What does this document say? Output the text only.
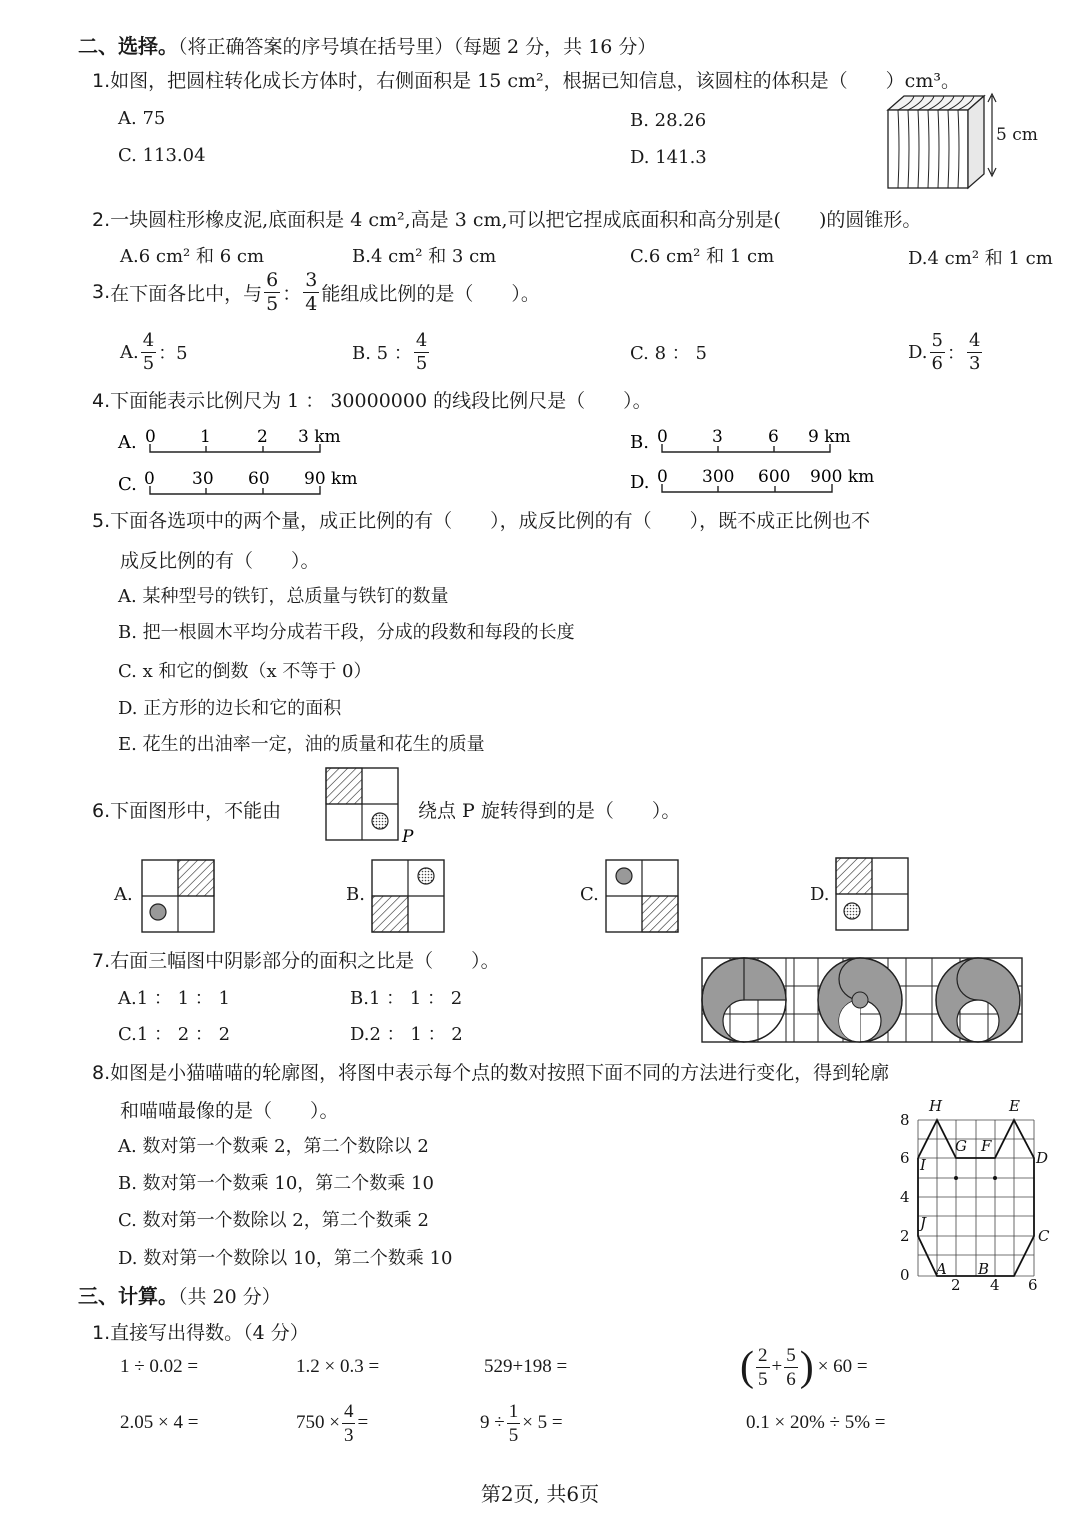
二、选择。（将正确答案的序号填在括号里）（每题 2 分，共 16 分）
1.如图，把圆柱转化成长方体时，右侧面积是 15 cm²，根据已知信息，该圆柱的体积是（　　）cm³。
A. 75	B. 28.26
C. 113.04	D. 141.3
5 cm
2.一块圆柱形橡皮泥,底面积是 4 cm²,高是 3 cm,可以把它捏成底面积和高分别是(　　)的圆锥形。
A.6 cm² 和 6 cm	B.4 cm² 和 3 cm	C.6 cm² 和 1 cm	D.4 cm² 和 1 cm
3. 在下面各比中，与 $\frac{6}{5}$ ： $\frac{3}{4}$ 能组成比例的是（　　）。
A. $\frac{4}{5}$ ：5	B. 5 ： $\frac{4}{5}$	C. 8 ： 5	D. $\frac{5}{6}$ ： $\frac{4}{3}$
4.下面能表示比例尺为 1 ： 30000000 的线段比例尺是（　　）。
A. 0	1	2 3 km	B. 0	3	6 9 km
C. 0 30 60 90 km	D. 0 300 600 900 km
5.下面各选项中的两个量，成正比例的有（　　），成反比例的有（　　），既不成正比例也不
成反比例的有（　　）。
A. 某种型号的铁钉，总质量与铁钉的数量
B. 把一根圆木平均分成若干段，分成的段数和每段的长度
C. x 和它的倒数（x 不等于 0）
D. 正方形的边长和它的面积
E. 花生的出油率一定，油的质量和花生的质量
6.下面图形中，不能由
P
绕点 P 旋转得到的是（　　）。
A.	B.	C.	D.
7.右面三幅图中阴影部分的面积之比是（　　）。
A.1 ： 1 ： 1	B.1 ： 1 ： 2
C.1 ： 2 ： 2	D.2 ： 1 ： 2
8.如图是小猫喵喵的轮廓图，将图中表示每个点的数对按照下面不同的方法进行变化，得到轮廓
和喵喵最像的是（　　）。
A. 数对第一个数乘 2，第二个数除以 2
B. 数对第一个数乘 10，第二个数乘 10
C. 数对第一个数除以 2，第二个数乘 2
D. 数对第一个数除以 10，第二个数乘 10
8
6
4
2
0
2 4 6
H	E
G F
I	D
J
C
A B
三、计算。（共 20 分）
1.直接写出得数。（4 分）
1 ÷ 0.02 =	1.2 × 0.3 =	529+198 =	( $\frac{2}{5} + \frac{5}{6}$ ) × 60 =
2.05 × 4 =	$750 \times \frac{4}{3}$ =	$9 \div \frac{1}{5} \times 5$ =	0.1 × 20% ÷ 5% =
第2页, 共6页
